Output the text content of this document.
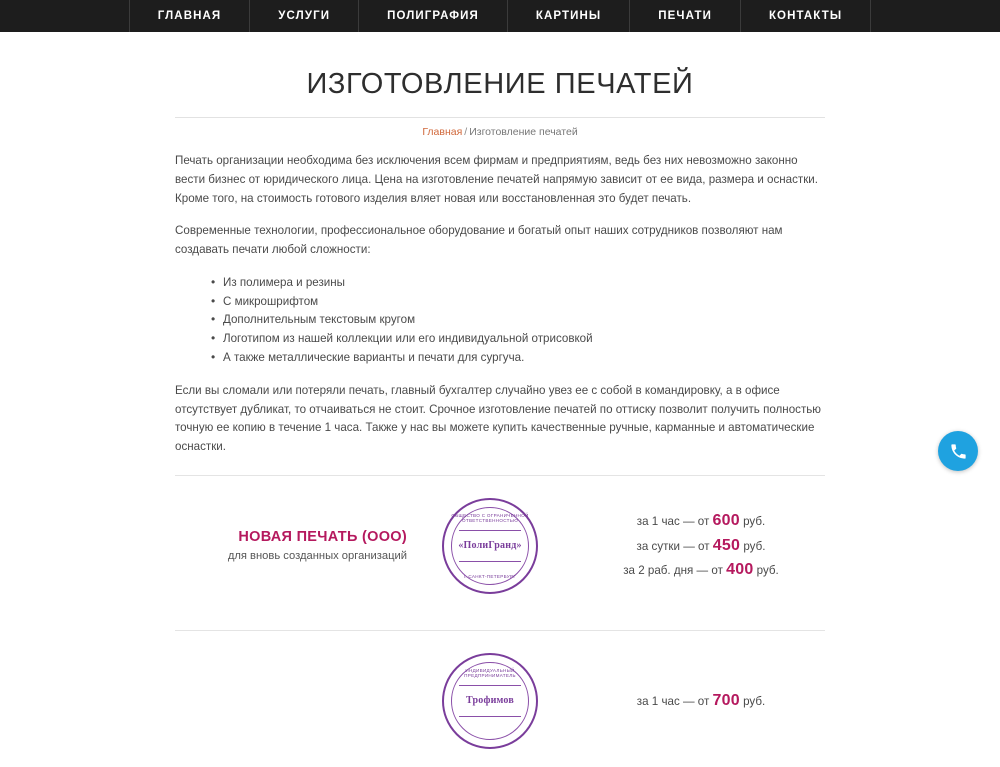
ГЛАВНАЯ	УСЛУГИ	ПОЛИГРАФИЯ	КАРТИНЫ	ПЕЧАТИ	КОНТАКТЫ
ИЗГОТОВЛЕНИЕ ПЕЧАТЕЙ
Главная / Изготовление печатей

Печать организации необходима без исключения всем фирмам и предприятиям, ведь без них невозможно законно вести бизнес от юридического лица. Цена на изготовление печатей напрямую зависит от ее вида, размера и оснастки. Кроме того, на стоимость готового изделия вляет новая или восстановленная это будет печать.

Современные технологии, профессиональное оборудование и богатый опыт наших сотрудников позволяют нам создавать печати любой сложности:

• Из полимера и резины
• С микрошрифтом
• Дополнительным текстовым кругом
• Логотипом из нашей коллекции или его индивидуальной отрисовкой
• А также металлические варианты и печати для сургуча.

Если вы сломали или потеряли печать, главный бухгалтер случайно увез ее с собой в командировку, а в офисе отсутствует дубликат, то отчаиваться не стоит. Срочное изготовление печатей по оттиску позволит получить полностью точную ее копию в течение 1 часа. Также у нас вы можете купить качественные ручные, карманные и автоматические оснастки.

НОВАЯ ПЕЧАТЬ (ООО)
для вновь созданных организаций
ОБЩЕСТВО С ОГРАНИЧЕННОЙ ОТВЕТСТВЕННОСТЬЮ
«ПолиГранд»
г. САНКТ-ПЕТЕРБУРГ
за 1 час — от 600 руб.
за сутки — от 450 руб.
за 2 раб. дня — от 400 руб.
ИНДИВИДУАЛЬНЫЙ ПРЕДПРИНИМАТЕЛЬ
Трофимов	за 1 час — от 700 руб.
